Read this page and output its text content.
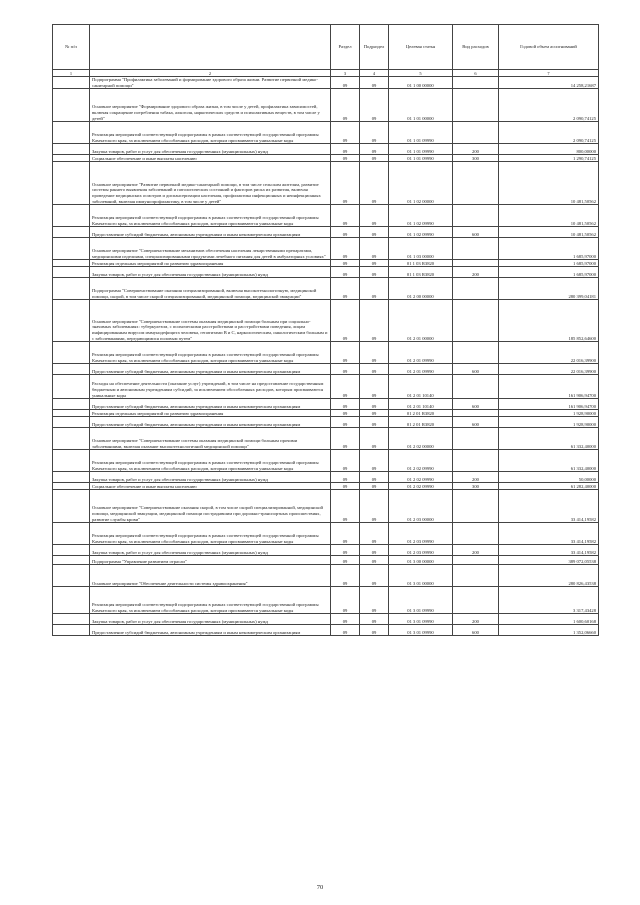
№ п/п		Раздел	Подраздел	Целевая статья	Вид расходов	Годовой объем ассигнований
1	2	3	4	5	6	7
	Подпрограмма "Профилактика заболеваний и формирование здорового образа жизни. Развитие первичной медико-санитарной помощи"	09	09	01 1 00 00000		14 258,21687
	Основное мероприятие "Формирование здорового образа жизни, в том числе у детей, профилактика зависимостей, включая сокращение потребления табака, алкоголя, наркотических средств и психоактивных веществ, в том числе у детей"	09	09	01 1 01 00000		2 090,74125
	Реализация мероприятий соответствующей подпрограммы в рамках соответствующей государственной программы Камчатского края, за исключением обособленных расходов, которым присваиваются уникальные коды	09	09	01 1 01 09990		2 090,74125
	Закупка товаров, работ и услуг для обеспечения государственных (муниципальных) нужд	09	09	01 1 01 09990	200	800,00000
	Социальное обеспечение и иные выплаты населению	09	09	01 1 01 09990	300	1 290,74125
	Основное мероприятие "Развитие первичной медико-санитарной помощи, в том числе сельским жителям, развитие системы раннего выявления заболеваний и патологических состояний и факторов риска их развития, включая проведение медицинских осмотров и диспансеризации населения, профилактика инфекционных и неинфекционных заболеваний, включая иммунопрофилактику, в том числе у детей"	09	09	01 1 02 00000		10 481,50562
	Реализация мероприятий соответствующей подпрограммы в рамках соответствующей государственной программы Камчатского края, за исключением обособленных расходов, которым присваиваются уникальные коды	09	09	01 1 02 09990		10 481,50562
	Предоставление субсидий бюджетным, автономным учреждениям и иным некоммерческим организациям	09	09	01 1 02 09990	600	10 481,50562
	Основное мероприятие "Совершенствование механизмов обеспечения населения лекарственными препаратами, медицинскими изделиями, специализированными продуктами лечебного питания для детей в амбулаторных условиях"	09	09	01 1 03 00000		1 685,97000
	Реализация отдельных мероприятий по развитию здравоохранения	09	09	01 1 03 R3820		1 685,97000
	Закупка товаров, работ и услуг для обеспечения государственных (муниципальных) нужд	09	09	01 1 03 R3820	200	1 685,97000
	Подпрограмма "Совершенствование оказания специализированной, включая высокотехнологичную, медицинской помощи, скорой, в том числе скорой специализированной, медицинской помощи, медицинской эвакуации"	09	09	01 2 00 00000		280 399,04181
	Основное мероприятие "Совершенствование системы оказания медицинской помощи больным при социально-значимых заболеваниях: туберкулезом, с психическими расстройствами и расстройствами поведения, лицам инфицированным вирусом иммунодефицита человека, гепатитами B и C, наркологическим, онкологическим больным и с заболеваниями, передающимися половым путем"	09	09	01 2 01 00000		185 852,64600
	Реализация мероприятий соответствующей подпрограммы в рамках соответствующей государственной программы Камчатского края, за исключением обособленных расходов, которым присваиваются уникальные коды	09	09	01 2 01 09990		22 016,39900
	Предоставление субсидий бюджетным, автономным учреждениям и иным некоммерческим организациям	09	09	01 2 01 09990	600	22 016,39900
	Расходы на обеспечение деятельности (оказание услуг) учреждений, в том числе на предоставление государственным бюджетным и автономным учреждениям субсидий, за исключением обособленных расходов, которым присваиваются уникальные коды	09	09	01 2 01 10140		161 906,94700
	Предоставление субсидий бюджетным, автономным учреждениям и иным некоммерческим организациям	09	09	01 2 01 10140	600	161 906,94700
	Реализация отдельных мероприятий по развитию здравоохранения	09	09	01 2 01 R3820		1 928,90000
	Предоставление субсидий бюджетным, автономным учреждениям и иным некоммерческим организациям	09	09	01 2 01 R3820	600	1 928,90000
	Основное мероприятие "Совершенствование системы оказания медицинской помощи больным прочими заболеваниями, включая оказание высокотехнологичной медицинской помощи"	09	09	01 2 02 00000		61 332,40000
	Реализация мероприятий соответствующей подпрограммы в рамках соответствующей государственной программы Камчатского края, за исключением обособленных расходов, которым присваиваются уникальные коды	09	09	01 2 02 09990		61 332,40000
	Закупка товаров, работ и услуг для обеспечения государственных (муниципальных) нужд	09	09	01 2 02 09990	200	50,00000
	Социальное обеспечение и иные выплаты населению	09	09	01 2 02 09990	300	61 282,40000
	Основное мероприятие "Совершенствование оказания скорой, в том числе скорой специализированной, медицинской помощи, медицинской эвакуации, медицинской помощи пострадавшим при дорожно-транспортных происшествиях, развитие службы крови"	09	09	01 2 03 00000		33 414,19582
	Реализация мероприятий соответствующей подпрограммы в рамках соответствующей государственной программы Камчатского края, за исключением обособленных расходов, которым присваиваются уникальные коды	09	09	01 2 03 09990		33 414,19582
	Закупка товаров, работ и услуг для обеспечения государственных (муниципальных) нужд	09	09	01 2 03 09990	200	33 414,19582
	Подпрограмма "Управление развитием отрасли"	09	09	01 3 00 00000		389 072,05538
	Основное мероприятие "Обеспечение деятельности системы здравоохранения"	09	09	01 3 01 00000		280 826,43538
	Реализация мероприятий соответствующей подпрограммы в рамках соответствующей государственной программы Камчатского края, за исключением обособленных расходов, которым присваиваются уникальные коды	09	09	01 3 01 09990		3 317,43428
	Закупка товаров, работ и услуг для обеспечения государственных (муниципальных) нужд	09	09	01 3 01 09990	200	1 600,60168
	Предоставление субсидий бюджетным, автономным учреждениям и иным некоммерческим организациям	09	09	01 3 01 09990	600	1 352,06660
70
